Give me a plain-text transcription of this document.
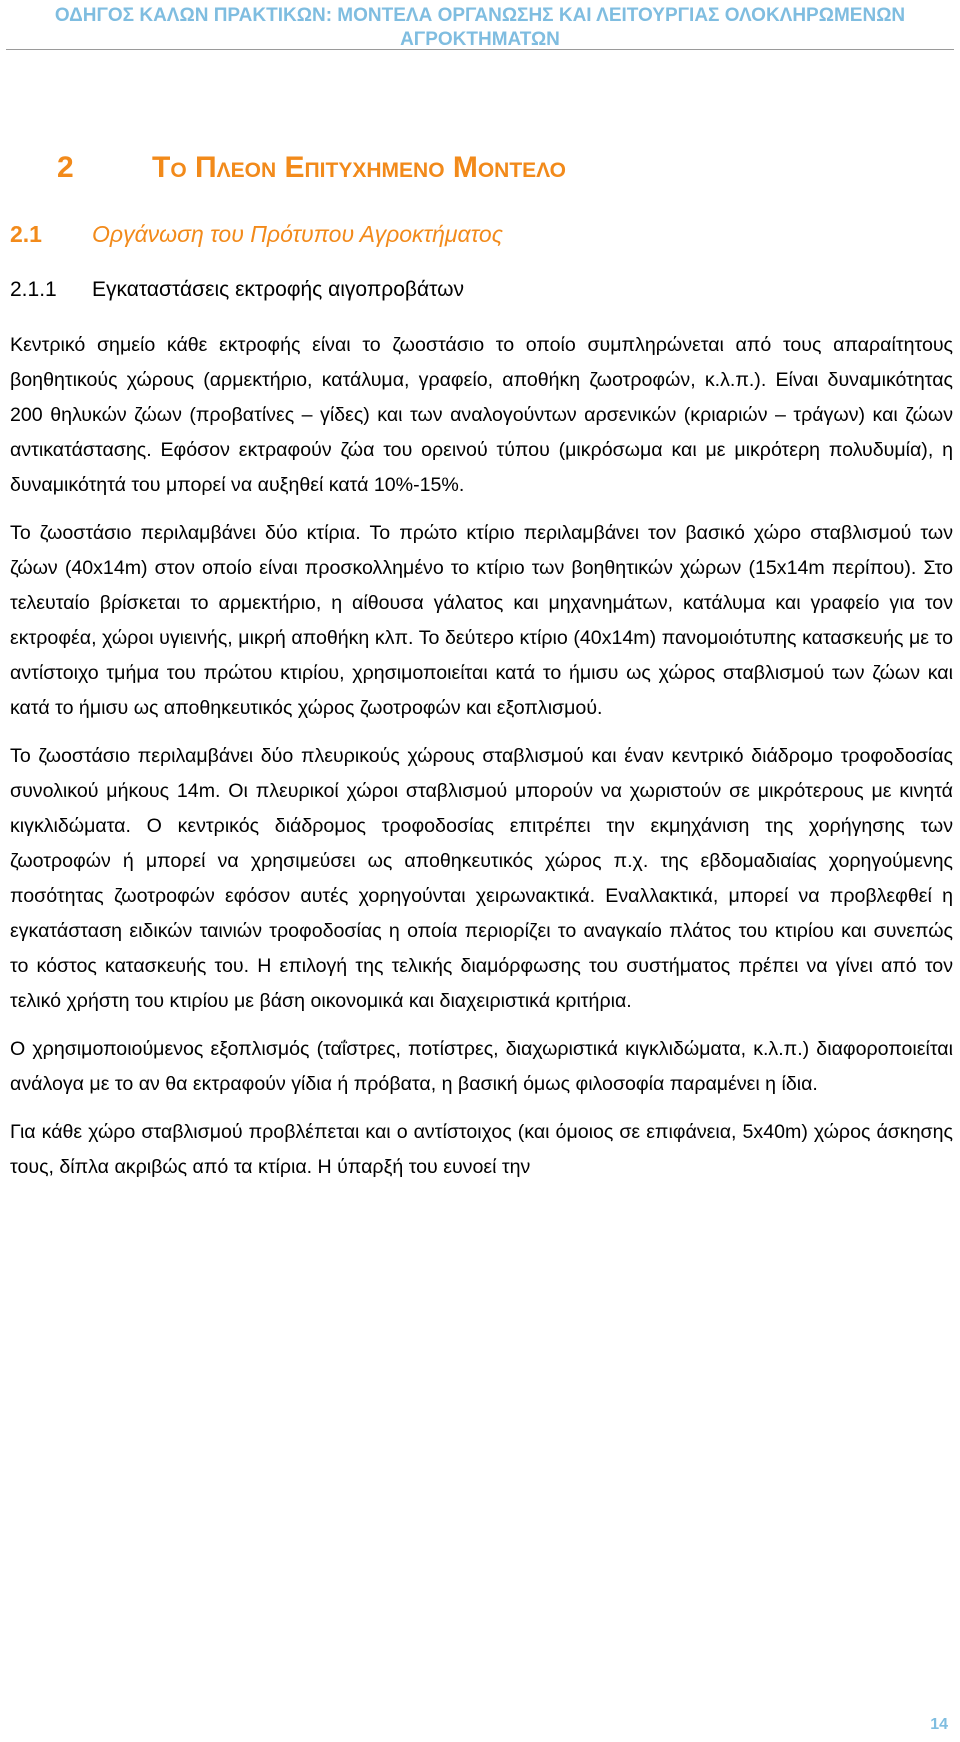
ΟΔΗΓΟΣ ΚΑΛΩΝ ΠΡΑΚΤΙΚΩΝ: ΜΟΝΤΕΛΑ ΟΡΓΑΝΩΣΗΣ ΚΑΙ ΛΕΙΤΟΥΡΓΙΑΣ ΟΛΟΚΛΗΡΩΜΕΝΩΝ ΑΓΡΟΚΤΗΜΑΤΩΝ
2	Το Πλεον Επιτυχημενο Μοντελο
2.1 Οργάνωση του Πρότυπου Αγροκτήματος
2.1.1 Εγκαταστάσεις εκτροφής αιγοπροβάτων

Κεντρικό σημείο κάθε εκτροφής είναι το ζωοστάσιο το οποίο συμπληρώνεται από τους απαραίτητους βοηθητικούς χώρους (αρμεκτήριο, κατάλυμα, γραφείο, αποθήκη ζωοτροφών, κ.λ.π.). Είναι δυναμικότητας 200 θηλυκών ζώων (προβατίνες – γίδες) και των αναλογούντων αρσενικών (κριαριών – τράγων) και ζώων αντικατάστασης. Εφόσον εκτραφούν ζώα του ορεινού τύπου (μικρόσωμα και με μικρότερη πολυδυμία), η δυναμικότητά του μπορεί να αυξηθεί κατά 10%-15%.

Το ζωοστάσιο περιλαμβάνει δύο κτίρια. Το πρώτο κτίριο περιλαμβάνει τον βασικό χώρο σταβλισμού των ζώων (40x14m) στον οποίο είναι προσκολλημένο το κτίριο των βοηθητικών χώρων (15x14m περίπου). Στο τελευταίο βρίσκεται το αρμεκτήριο, η αίθουσα γάλατος και μηχανημάτων, κατάλυμα και γραφείο για τον εκτροφέα, χώροι υγιεινής, μικρή αποθήκη κλπ. Το δεύτερο κτίριο (40x14m) πανομοιότυπης κατασκευής με το αντίστοιχο τμήμα του πρώτου κτιρίου, χρησιμοποιείται κατά το ήμισυ ως χώρος σταβλισμού των ζώων και κατά το ήμισυ ως αποθηκευτικός χώρος ζωοτροφών και εξοπλισμού.

Το ζωοστάσιο περιλαμβάνει δύο πλευρικούς χώρους σταβλισμού και έναν κεντρικό διάδρομο τροφοδοσίας συνολικού μήκους 14m. Οι πλευρικοί χώροι σταβλισμού μπορούν να χωριστούν σε μικρότερους με κινητά κιγκλιδώματα. Ο κεντρικός διάδρομος τροφοδοσίας επιτρέπει την εκμηχάνιση της χορήγησης των ζωοτροφών ή μπορεί να χρησιμεύσει ως αποθηκευτικός χώρος π.χ. της εβδομαδιαίας χορηγούμενης ποσότητας ζωοτροφών εφόσον αυτές χορηγούνται χειρωνακτικά. Εναλλακτικά, μπορεί να προβλεφθεί η εγκατάσταση ειδικών ταινιών τροφοδοσίας η οποία περιορίζει το αναγκαίο πλάτος του κτιρίου και συνεπώς το κόστος κατασκευής του. Η επιλογή της τελικής διαμόρφωσης του συστήματος πρέπει να γίνει από τον τελικό χρήστη του κτιρίου με βάση οικονομικά και διαχειριστικά κριτήρια.

Ο χρησιμοποιούμενος εξοπλισμός (ταΐστρες, ποτίστρες, διαχωριστικά κιγκλιδώματα, κ.λ.π.) διαφοροποιείται ανάλογα με το αν θα εκτραφούν γίδια ή πρόβατα, η βασική όμως φιλοσοφία παραμένει η ίδια.

Για κάθε χώρο σταβλισμού προβλέπεται και ο αντίστοιχος (και όμοιος σε επιφάνεια, 5x40m) χώρος άσκησης τους, δίπλα ακριβώς από τα κτίρια. Η ύπαρξή του ευνοεί την

14
